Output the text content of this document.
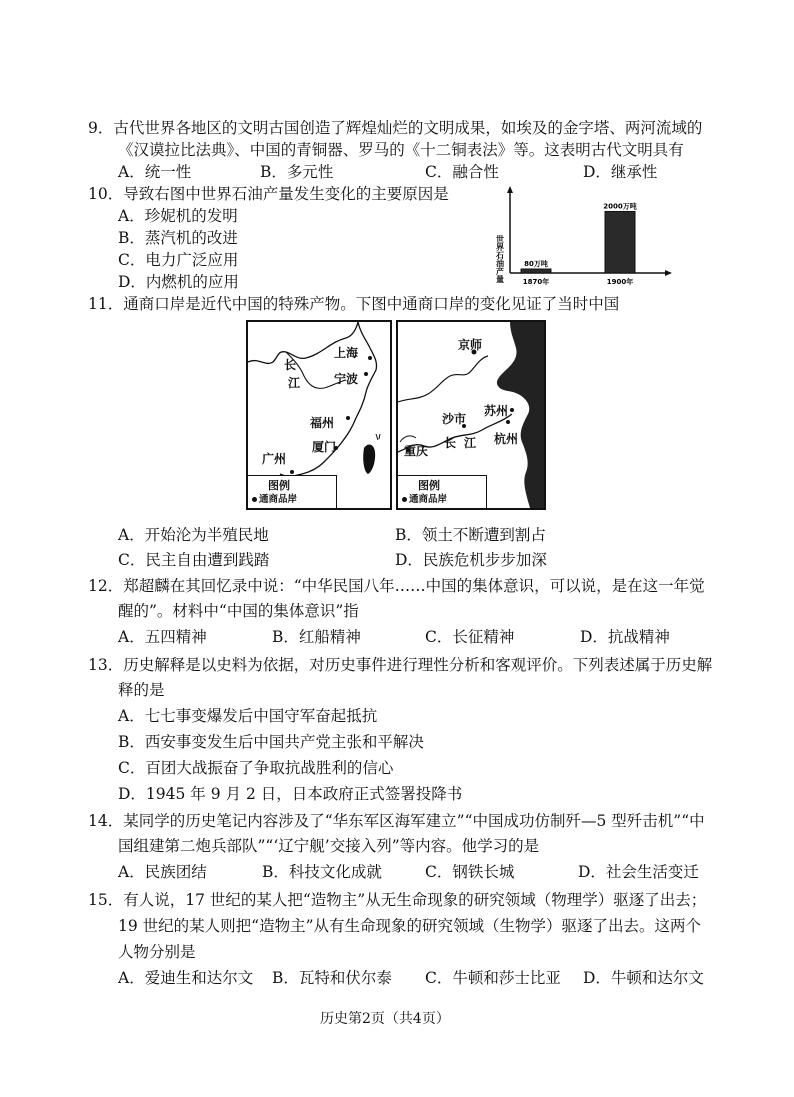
9．古代世界各地区的文明古国创造了辉煌灿烂的文明成果，如埃及的金字塔、两河流域的
《汉谟拉比法典》、中国的青铜器、罗马的《十二铜表法》等。这表明古代文明具有
A．统一性	B．多元性	C．融合性	D．继承性
10．导致右图中世界石油产量发生变化的主要原因是
A．珍妮机的发明
B．蒸汽机的改进
C．电力广泛应用
D．内燃机的应用	世界石油产量	80万吨
1870年
2000万吨
1900年
11．通商口岸是近代中国的特殊产物。下图中通商口岸的变化见证了当时中国
上海
长
江	宁波
福州
厦门
广州
图例
通商品岸
京师
苏州
沙市
长 江 杭州
重庆
图例
通商品岸
A．开始沦为半殖民地	B．领土不断遭到割占
C．民主自由遭到践踏	D．民族危机步步加深
12．郑超麟在其回忆录中说：“中华民国八年……中国的集体意识，可以说，是在这一年觉
醒的”。材料中“中国的集体意识”指
A．五四精神	B．红船精神	C．长征精神	D．抗战精神
13．历史解释是以史料为依据，对历史事件进行理性分析和客观评价。下列表述属于历史解
释的是
A．七七事变爆发后中国守军奋起抵抗
B．西安事变发生后中国共产党主张和平解决
C．百团大战振奋了争取抗战胜利的信心
D．1945 年 9 月 2 日，日本政府正式签署投降书
14．某同学的历史笔记内容涉及了“华东军区海军建立”“中国成功仿制歼—5 型歼击机”“中
国组建第二炮兵部队”“‘辽宁舰’交接入列”等内容。他学习的是
A．民族团结	B．科技文化成就	C．钢铁长城	D．社会生活变迁
15．有人说，17 世纪的某人把“造物主”从无生命现象的研究领域（物理学）驱逐了出去；
19 世纪的某人则把“造物主”从有生命现象的研究领域（生物学）驱逐了出去。这两个
人物分别是
A．爱迪生和达尔文 B．瓦特和伏尔泰 C．牛顿和莎士比亚 D．牛顿和达尔文
历史第2页（共4页）
